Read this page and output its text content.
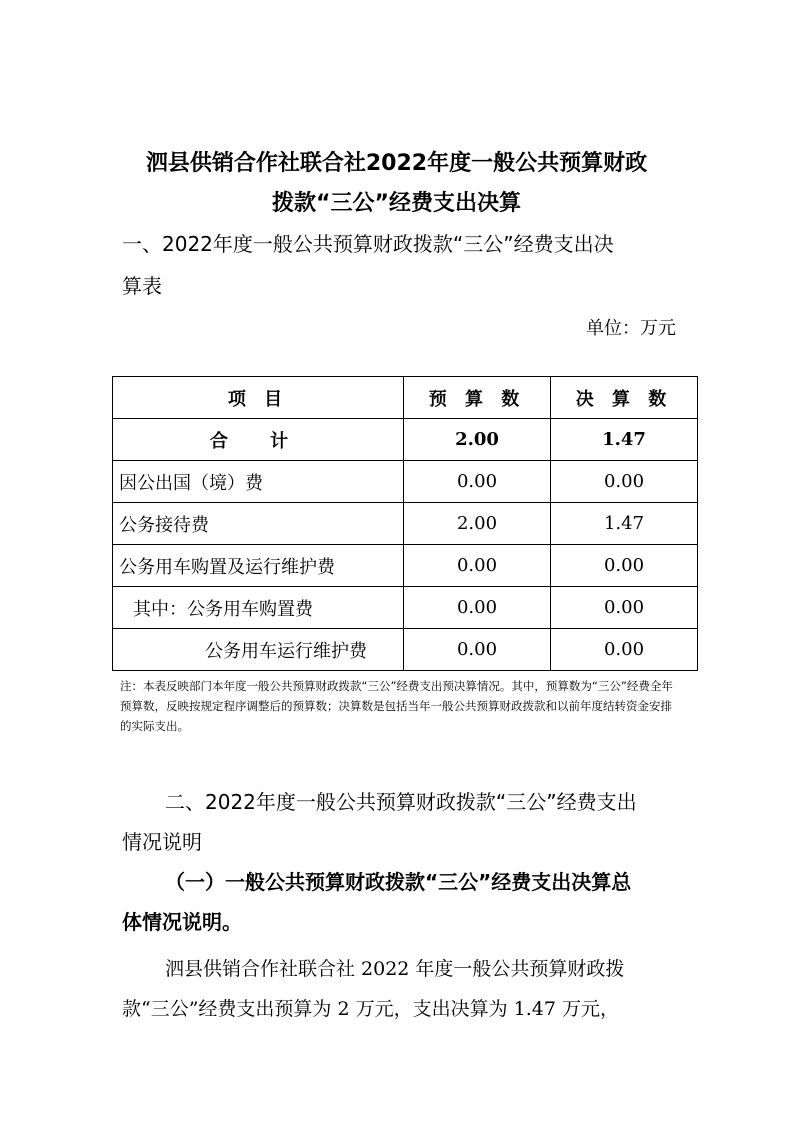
泗县供销合作社联合社2022年度一般公共预算财政
拨款“三公”经费支出决算
一、2022年度一般公共预算财政拨款“三公”经费支出决
算表
单位：万元
项 目	预 算 数	决 算 数
合 计	2.00	1.47
因公出国（境）费	0.00	0.00
公务接待费	2.00	1.47
公务用车购置及运行维护费	0.00	0.00
其中：公务用车购置费	0.00	0.00
公务用车运行维护费	0.00	0.00
注：本表反映部门本年度一般公共预算财政拨款“三公”经费支出预决算情况。其中，预算数为“三公”经费全年预算数，反映按规定程序调整后的预算数；决算数是包括当年一般公共预算财政拨款和以前年度结转资金安排的实际支出。
二、2022年度一般公共预算财政拨款“三公”经费支出
情况说明
（一）一般公共预算财政拨款“三公”经费支出决算总
体情况说明。
泗县供销合作社联合社 2022 年度一般公共预算财政拨
款“三公”经费支出预算为 2 万元，支出决算为 1.47 万元，
